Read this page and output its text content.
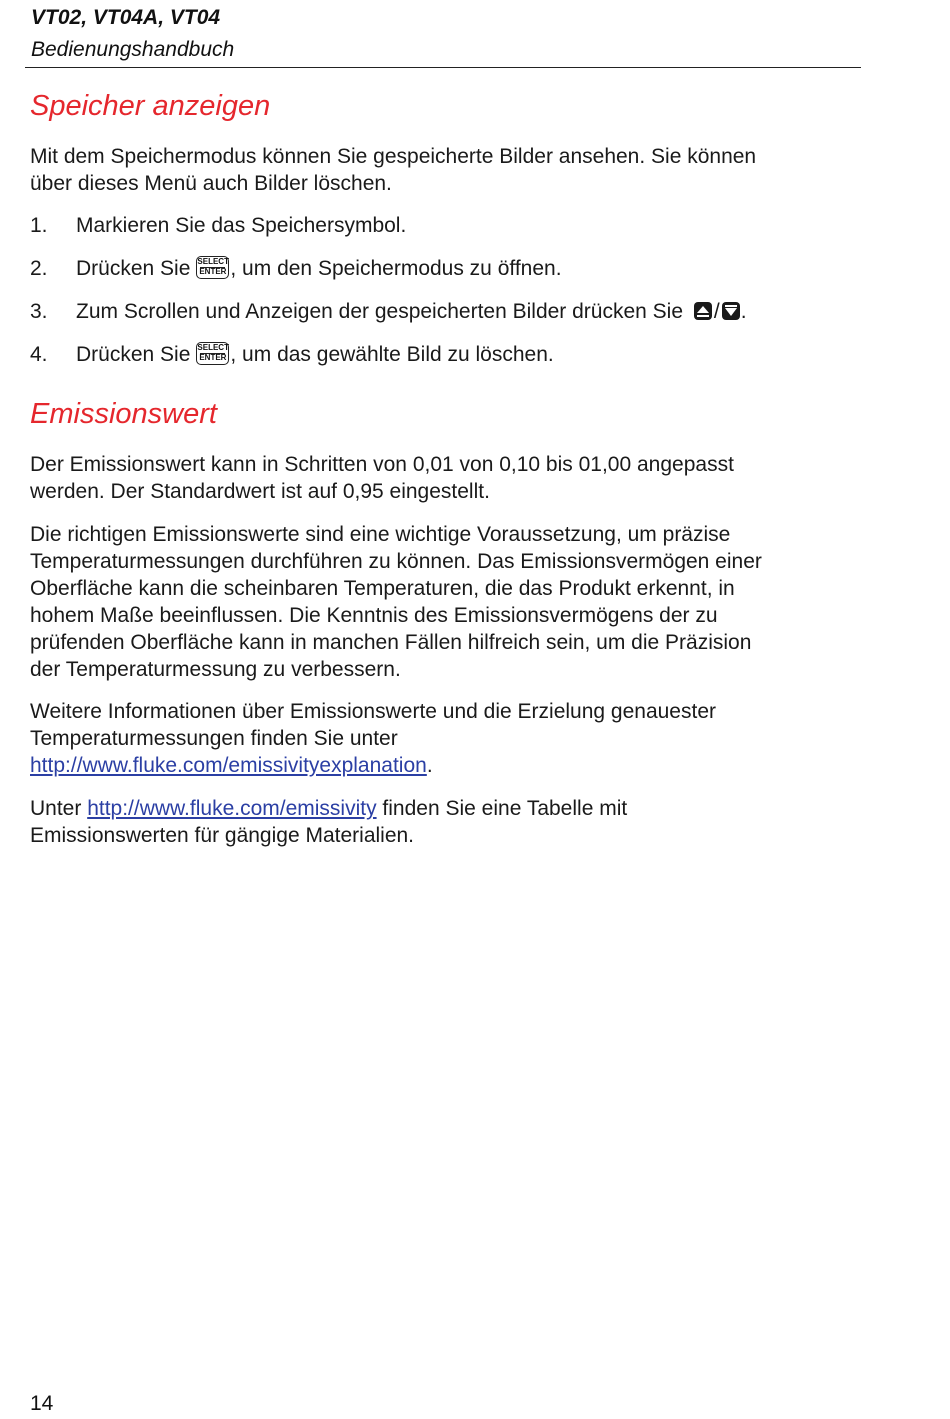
VT02, VT04A, VT04
Bedienungshandbuch
Speicher anzeigen
Mit dem Speichermodus können Sie gespeicherte Bilder ansehen. Sie können
über dieses Menü auch Bilder löschen.
1. Markieren Sie das Speichersymbol.
2. Drücken Sie SELECT
ENTER , um den Speichermodus zu öffnen.
3. Zum Scrollen und Anzeigen der gespeicherten Bilder drücken Sie / .
4. Drücken Sie SELECT
ENTER , um das gewählte Bild zu löschen.
Emissionswert
Der Emissionswert kann in Schritten von 0,01 von 0,10 bis 01,00 angepasst
werden. Der Standardwert ist auf 0,95 eingestellt.
Die richtigen Emissionswerte sind eine wichtige Voraussetzung, um präzise
Temperaturmessungen durchführen zu können. Das Emissionsvermögen einer
Oberfläche kann die scheinbaren Temperaturen, die das Produkt erkennt, in
hohem Maße beeinflussen. Die Kenntnis des Emissionsvermögens der zu
prüfenden Oberfläche kann in manchen Fällen hilfreich sein, um die Präzision
der Temperaturmessung zu verbessern.
Weitere Informationen über Emissionswerte und die Erzielung genauester
Temperaturmessungen finden Sie unter
http://www.fluke.com/emissivityexplanation.
Unter http://www.fluke.com/emissivity finden Sie eine Tabelle mit
Emissionswerten für gängige Materialien.
14
